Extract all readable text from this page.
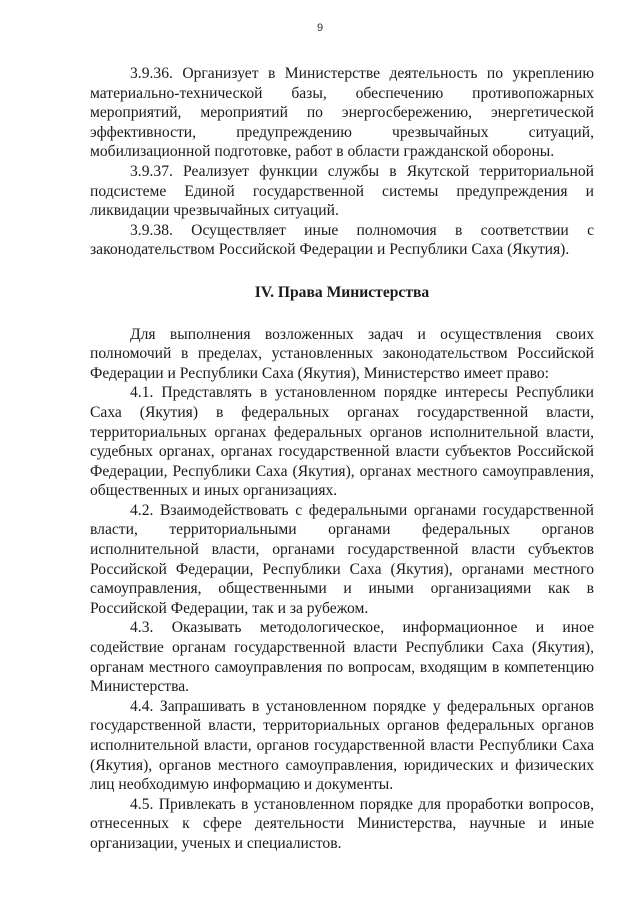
9

3.9.36. Организует в Министерстве деятельность по укреплению материально-технической базы, обеспечению противопожарных мероприятий, мероприятий по энергосбережению, энергетической эффективности, предупреждению чрезвычайных ситуаций, мобилизационной подготовке, работ в области гражданской обороны.

3.9.37. Реализует функции службы в Якутской территориальной подсистеме Единой государственной системы предупреждения и ликвидации чрезвычайных ситуаций.

3.9.38. Осуществляет иные полномочия в соответствии с законодательством Российской Федерации и Республики Саха (Якутия).

IV. Права Министерства

Для выполнения возложенных задач и осуществления своих полномочий в пределах, установленных законодательством Российской Федерации и Республики Саха (Якутия), Министерство имеет право:

4.1. Представлять в установленном порядке интересы Республики Саха (Якутия) в федеральных органах государственной власти, территориальных органах федеральных органов исполнительной власти, судебных органах, органах государственной власти субъектов Российской Федерации, Республики Саха (Якутия), органах местного самоуправления, общественных и иных организациях.

4.2. Взаимодействовать с федеральными органами государственной власти, территориальными органами федеральных органов исполнительной власти, органами государственной власти субъектов Российской Федерации, Республики Саха (Якутия), органами местного самоуправления, общественными и иными организациями как в Российской Федерации, так и за рубежом.

4.3. Оказывать методологическое, информационное и иное содействие органам государственной власти Республики Саха (Якутия), органам местного самоуправления по вопросам, входящим в компетенцию Министерства.

4.4. Запрашивать в установленном порядке у федеральных органов государственной власти, территориальных органов федеральных органов исполнительной власти, органов государственной власти Республики Саха (Якутия), органов местного самоуправления, юридических и физических лиц необходимую информацию и документы.

4.5. Привлекать в установленном порядке для проработки вопросов, отнесенных к сфере деятельности Министерства, научные и иные организации, ученых и специалистов.
